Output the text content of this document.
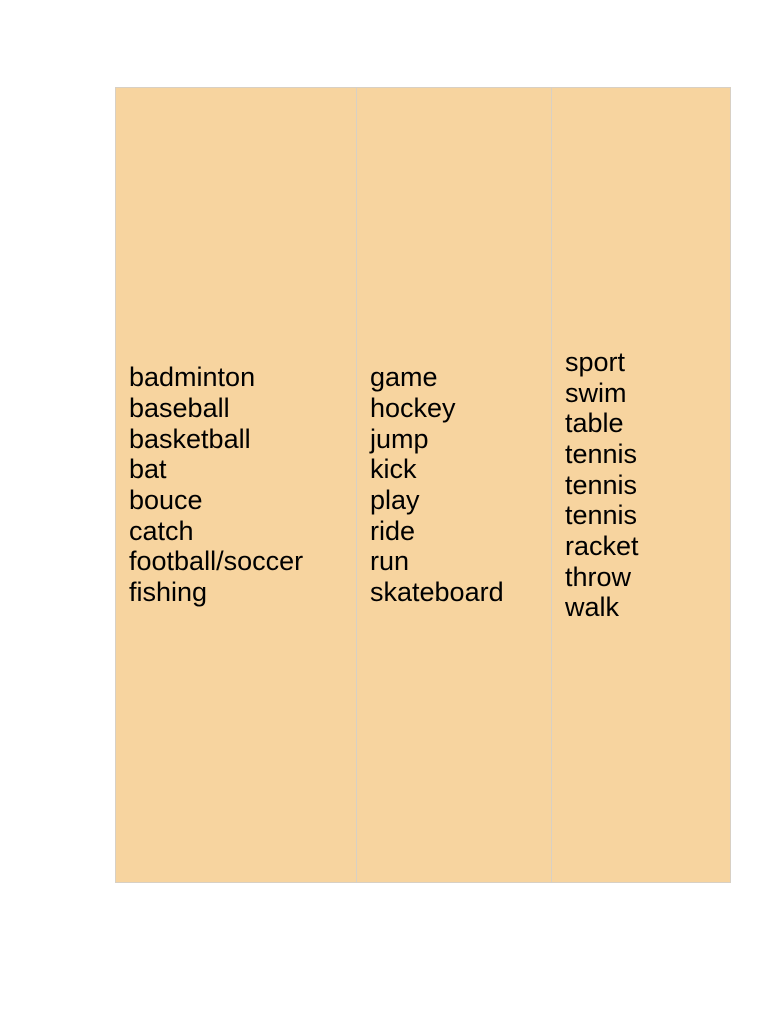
badminton
baseball
basketball
bat
bouce
catch
football/soccer
fishing

game
hockey
jump
kick
play
ride
run
skateboard

sport
swim
table
tennis
tennis
tennis
racket
throw
walk
